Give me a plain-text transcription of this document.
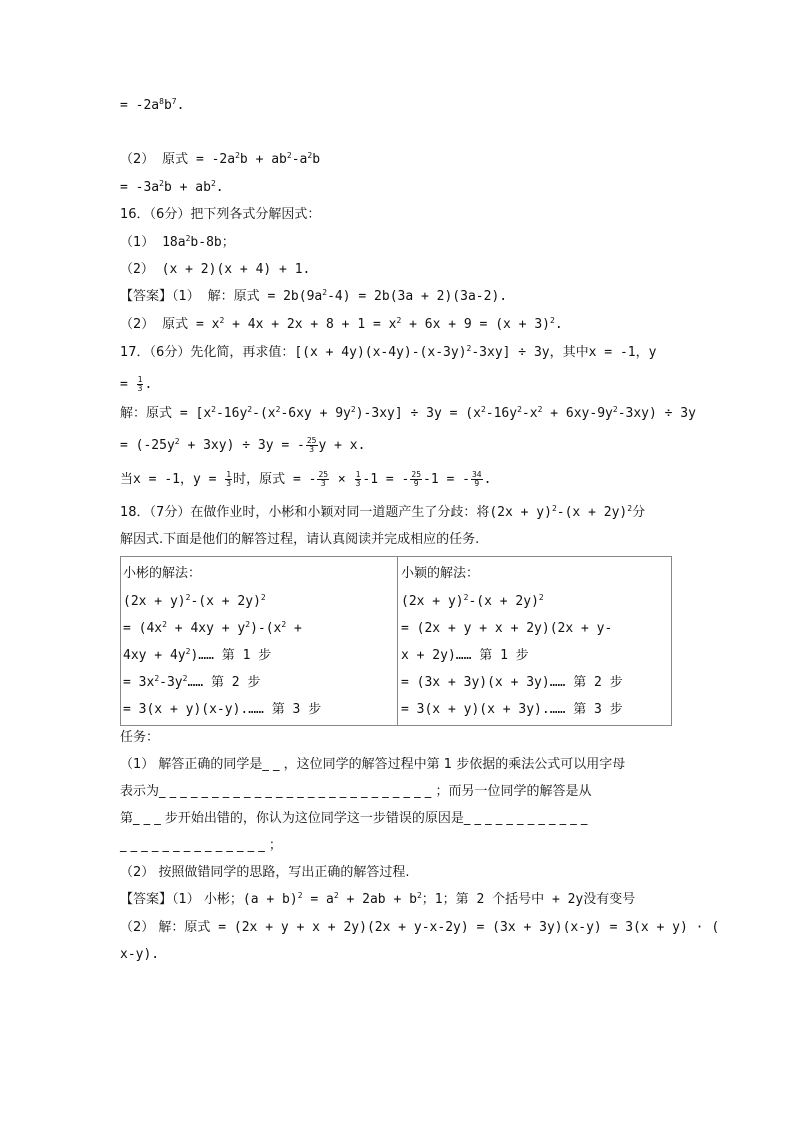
= $-2a^8b^7$.
（2） 原式 = $-2a^2b + ab^2-a^2b$
= $-3a^2b + ab^2$.
16．（6分）把下列各式分解因式：
（1） $18a^2b-8b$；
（2） (x + 2)(x + 4) + 1.
【答案】（1） 解：原式 = $2b(9a^2-4) = 2b(3a + 2)(3a-2)$.
（2） 原式 = $x^2 + 4x + 2x + 8 + 1 = x^2 + 6x + 9 = (x + 3)^2$.
17．（6分）先化简，再求值：$[(x + 4y)(x-4y)-(x-3y)^2-3xy] \div 3y$，其中x = -1，y
= $\frac{1}{3}$ .
解：原式 = $[x^2-16y^2-(x^2-6xy + 9y^2)-3xy] \div 3y = (x^2-16y^2-x^2 + 6xy-9y^2-3xy) \div 3y$
= $(-25y^2 + 3xy) \div 3y$ = - $\frac{25}{3}$ y + x.
当x = -1，$y = \frac{1}{3}$ 时，原式 = - $\frac{25}{3} \times \frac{1}{3} -1$ = - $\frac{25}{9} -1$ = - $\frac{34}{9}$ .
18．（7分）在做作业时，小彬和小颖对同一道题产生了分歧：将$(2x + y)^2-(x + 2y)^2$分
解因式.下面是他们的解答过程，请认真阅读并完成相应的任务.
小彬的解法：
$(2x + y)^2-(x + 2y)^2$
= $(4x^2 + 4xy + y^2)-(x^2$ +
$4xy + 4y^2)\dots\dots$ 第 1 步
= $3x^2-3y^2\dots\dots$ 第 2 步
= 3(x + y)(x-y).…… 第 3 步
小颖的解法：
$(2x + y)^2-(x + 2y)^2$
= (2x + y + x + 2y)(2x + y-
x + 2y)…… 第 1 步
= (3x + 3y)(x + 3y)…… 第 2 步
= 3(x + y)(x + 3y).…… 第 3 步
任务：
（1） 解答正确的同学是_ _ ，这位同学的解答过程中第 1 步依据的乘法公式可以用字母
表示为_ _ _ _ _ _ _ _ _ _ _ _ _ _ _ _ _ _ _ _ _ _ _ _ _ _ ；而另一位同学的解答是从
第_ _ _ 步开始出错的，你认为这位同学这一步错误的原因是_ _ _ _ _ _ _ _ _ _ _ _
_ _ _ _ _ _ _ _ _ _ _ _ _ _ ；
（2） 按照做错同学的思路，写出正确的解答过程.
【答案】（1） 小彬；$(a + b)^2 = a^2 + 2ab + b^2$；1；第 2 个括号中 + 2y没有变号
（2） 解：原式 = (2x + y + x + 2y)(2x + y-x-2y) = (3x + 3y)(x-y) = 3(x + y) · (
x-y).
